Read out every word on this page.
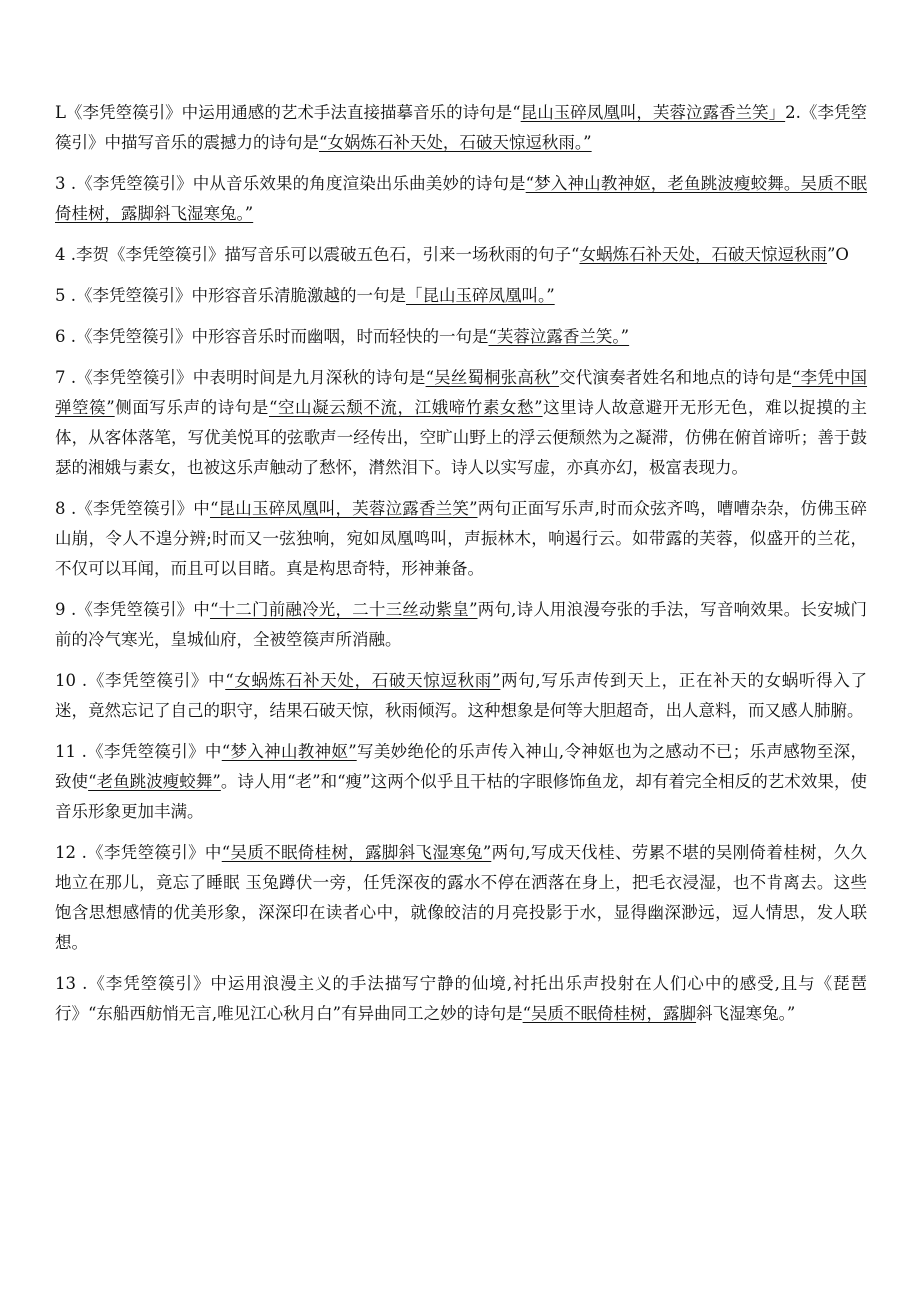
L《李凭箜篌引》中运用通感的艺术手法直接描摹音乐的诗句是“昆山玉碎凤凰叫，芙蓉泣露香兰笑」2.《李凭箜篌引》中描写音乐的震撼力的诗句是“女娲炼石补天处，石破天惊逗秋雨。”

3 .《李凭箜篌引》中从音乐效果的角度渲染出乐曲美妙的诗句是“梦入神山教神妪，老鱼跳波瘦蛟舞。吴质不眠倚桂树，露脚斜飞湿寒兔。”

4 .李贺《李凭箜篌引》描写音乐可以震破五色石，引来一场秋雨的句子“女蜗炼石补天处，石破天惊逗秋雨”O

5 .《李凭箜篌引》中形容音乐清脆激越的一句是「昆山玉碎凤凰叫。”

6 .《李凭箜篌引》中形容音乐时而幽咽，时而轻快的一句是“芙蓉泣露香兰笑。”

7 .《李凭箜篌引》中表明时间是九月深秋的诗句是“吴丝蜀桐张高秋”交代演奏者姓名和地点的诗句是“李凭中国弹箜篌”侧面写乐声的诗句是“空山凝云颓不流，江娥啼竹素女愁”这里诗人故意避开无形无色，难以捉摸的主体，从客体落笔，写优美悦耳的弦歌声一经传出，空旷山野上的浮云便颓然为之凝滞，仿佛在俯首谛听；善于鼓瑟的湘娥与素女，也被这乐声触动了愁怀，潸然泪下。诗人以实写虚，亦真亦幻，极富表现力。

8 .《李凭箜篌引》中“昆山玉碎凤凰叫，芙蓉泣露香兰笑”两句正面写乐声,时而众弦齐鸣，嘈嘈杂杂，仿佛玉碎山崩，令人不遑分辨;时而又一弦独响，宛如凤凰鸣叫，声振林木，响遏行云。如带露的芙蓉，似盛开的兰花，不仅可以耳闻，而且可以目睹。真是构思奇特，形神兼备。

9 .《李凭箜篌引》中“十二门前融冷光，二十三丝动紫皇”两句,诗人用浪漫夸张的手法，写音响效果。长安城门前的冷气寒光，皇城仙府，全被箜篌声所消融。

10 .《李凭箜篌引》中“女蜗炼石补天处，石破天惊逗秋雨”两句,写乐声传到天上，正在补天的女蜗听得入了迷，竟然忘记了自己的职守，结果石破天惊，秋雨倾泻。这种想象是何等大胆超奇，出人意料，而又感人肺腑。

11 .《李凭箜篌引》中“梦入神山教神妪”写美妙绝伦的乐声传入神山,令神妪也为之感动不已；乐声感物至深，致使“老鱼跳波瘦蛟舞”。诗人用“老”和“瘦”这两个似乎且干枯的字眼修饰鱼龙，却有着完全相反的艺术效果，使音乐形象更加丰满。

12 .《李凭箜篌引》中“吴质不眠倚桂树，露脚斜飞湿寒兔”两句,写成天伐桂、劳累不堪的吴刚倚着桂树，久久地立在那儿，竟忘了睡眠 玉兔蹲伏一旁，任凭深夜的露水不停在洒落在身上，把毛衣浸湿，也不肯离去。这些饱含思想感情的优美形象，深深印在读者心中，就像皎洁的月亮投影于水，显得幽深渺远，逗人情思，发人联想。

13 .《李凭箜篌引》中运用浪漫主义的手法描写宁静的仙境,衬托出乐声投射在人们心中的感受,且与《琵琶行》“东船西舫悄无言,唯见江心秋月白”有异曲同工之妙的诗句是“吴质不眠倚桂树，露脚斜飞湿寒兔。”
